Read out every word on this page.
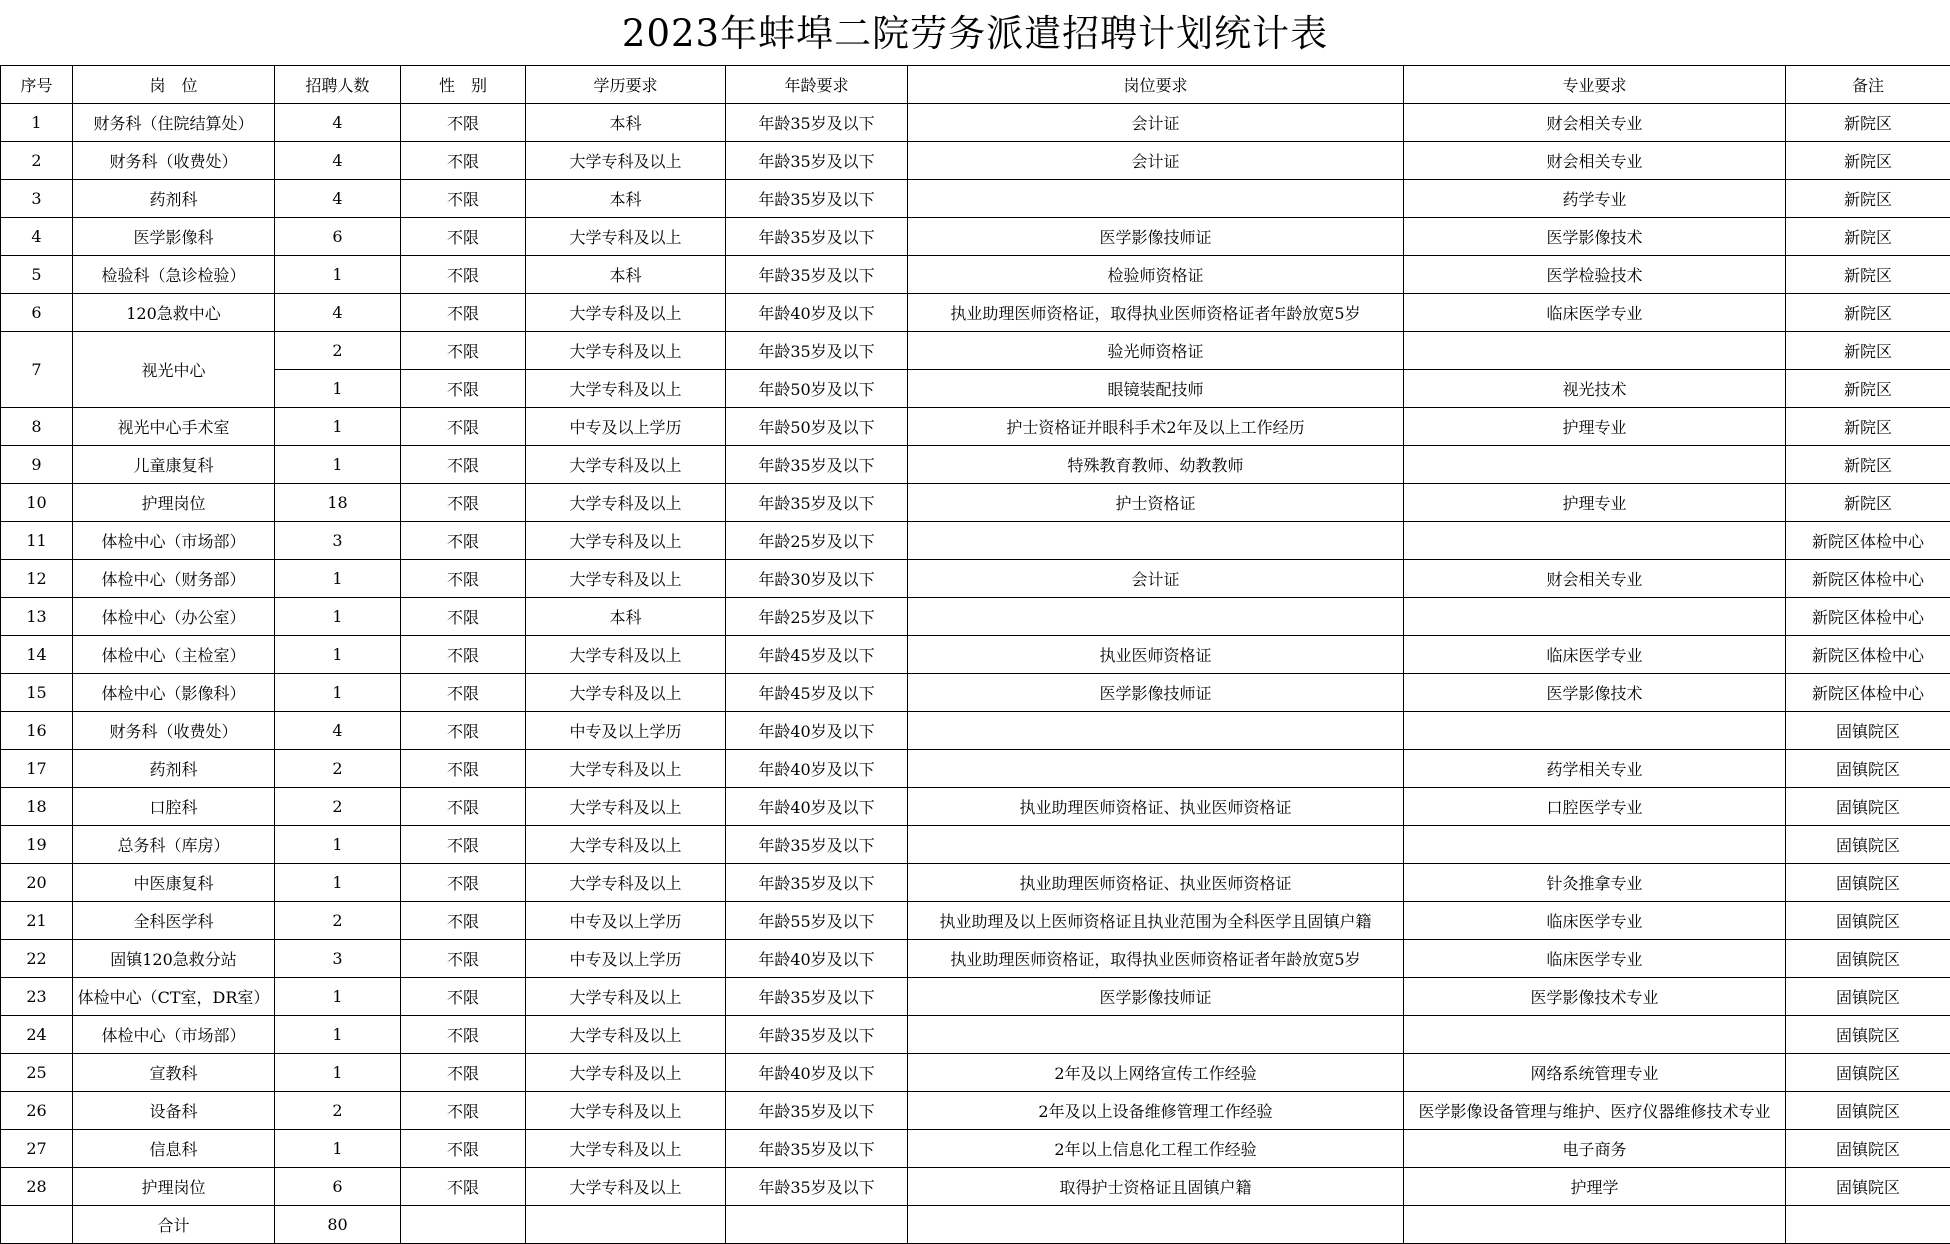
2023年蚌埠二院劳务派遣招聘计划统计表
序号	岗　位	招聘人数	性　别	学历要求	年龄要求	岗位要求	专业要求	备注
1	财务科（住院结算处）	4	不限	本科	年龄35岁及以下	会计证	财会相关专业	新院区
2	财务科（收费处）	4	不限	大学专科及以上	年龄35岁及以下	会计证	财会相关专业	新院区
3	药剂科	4	不限	本科	年龄35岁及以下		药学专业	新院区
4	医学影像科	6	不限	大学专科及以上	年龄35岁及以下	医学影像技师证	医学影像技术	新院区
5	检验科（急诊检验）	1	不限	本科	年龄35岁及以下	检验师资格证	医学检验技术	新院区
6	120急救中心	4	不限	大学专科及以上	年龄40岁及以下	执业助理医师资格证，取得执业医师资格证者年龄放宽5岁	临床医学专业	新院区
7	视光中心	2	不限	大学专科及以上	年龄35岁及以下	验光师资格证		新院区
		1	不限	大学专科及以上	年龄50岁及以下	眼镜装配技师	视光技术	新院区
8	视光中心手术室	1	不限	中专及以上学历	年龄50岁及以下	护士资格证并眼科手术2年及以上工作经历	护理专业	新院区
9	儿童康复科	1	不限	大学专科及以上	年龄35岁及以下	特殊教育教师、幼教教师		新院区
10	护理岗位	18	不限	大学专科及以上	年龄35岁及以下	护士资格证	护理专业	新院区
11	体检中心（市场部）	3	不限	大学专科及以上	年龄25岁及以下			新院区体检中心
12	体检中心（财务部）	1	不限	大学专科及以上	年龄30岁及以下	会计证	财会相关专业	新院区体检中心
13	体检中心（办公室）	1	不限	本科	年龄25岁及以下			新院区体检中心
14	体检中心（主检室）	1	不限	大学专科及以上	年龄45岁及以下	执业医师资格证	临床医学专业	新院区体检中心
15	体检中心（影像科）	1	不限	大学专科及以上	年龄45岁及以下	医学影像技师证	医学影像技术	新院区体检中心
16	财务科（收费处）	4	不限	中专及以上学历	年龄40岁及以下			固镇院区
17	药剂科	2	不限	大学专科及以上	年龄40岁及以下		药学相关专业	固镇院区
18	口腔科	2	不限	大学专科及以上	年龄40岁及以下	执业助理医师资格证、执业医师资格证	口腔医学专业	固镇院区
19	总务科（库房）	1	不限	大学专科及以上	年龄35岁及以下			固镇院区
20	中医康复科	1	不限	大学专科及以上	年龄35岁及以下	执业助理医师资格证、执业医师资格证	针灸推拿专业	固镇院区
21	全科医学科	2	不限	中专及以上学历	年龄55岁及以下	执业助理及以上医师资格证且执业范围为全科医学且固镇户籍	临床医学专业	固镇院区
22	固镇120急救分站	3	不限	中专及以上学历	年龄40岁及以下	执业助理医师资格证，取得执业医师资格证者年龄放宽5岁	临床医学专业	固镇院区
23	体检中心（CT室，DR室）	1	不限	大学专科及以上	年龄35岁及以下	医学影像技师证	医学影像技术专业	固镇院区
24	体检中心（市场部）	1	不限	大学专科及以上	年龄35岁及以下			固镇院区
25	宣教科	1	不限	大学专科及以上	年龄40岁及以下	2年及以上网络宣传工作经验	网络系统管理专业	固镇院区
26	设备科	2	不限	大学专科及以上	年龄35岁及以下	2年及以上设备维修管理工作经验	医学影像设备管理与维护、医疗仪器维修技术专业	固镇院区
27	信息科	1	不限	大学专科及以上	年龄35岁及以下	2年以上信息化工程工作经验	电子商务	固镇院区
28	护理岗位	6	不限	大学专科及以上	年龄35岁及以下	取得护士资格证且固镇户籍	护理学	固镇院区
	合计	80						
